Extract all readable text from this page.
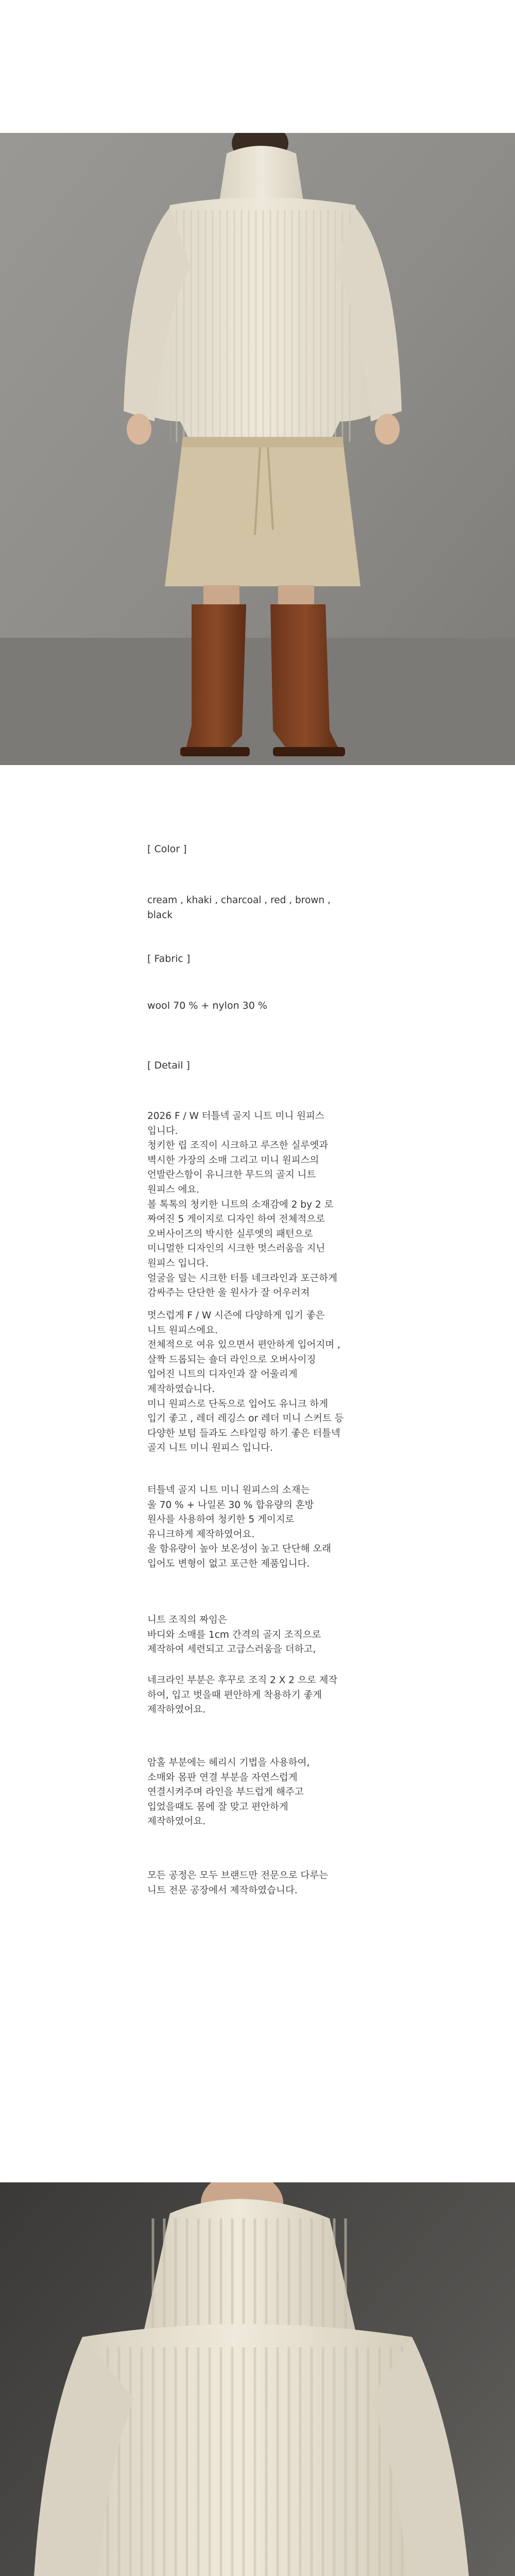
[ Color ]
cream , khaki , charcoal , red , brown ,
black
[ Fabric ]
wool 70 % + nylon 30 %
[ Detail ]
2026 F / W 터틀넥 골지 니트 미니 원피스
입니다.
청키한 립 조직이 시크하고 루즈한 실루엣과
벽시한 가장의 소매 그리고 미니 원피스의
언발란스함이 유니크한 무드의 골지 니트
원피스 에요.
볼 톡톡의 청키한 니트의 소재감에 2 by 2 로
짜여진 5 게이지로 디자인 하여 전체적으로
오버사이즈의 박시한 실루엣의 패턴으로
미니멀한 디자인의 시크한 멋스러움을 지닌
원피스 입니다.
얼굴을 덮는 시크한 터틀 네크라인과 포근하게
감싸주는 단단한 울 원사가 잘 어우러져
멋스럽게 F / W 시즌에 다양하게 입기 좋은
니트 원피스에요.
전체적으로 여유 있으면서 편안하게 입어지며 ,
살짝 드롭되는 숄더 라인으로 오버사이징
입어진 니트의 디자인과 잘 어울리게
제작하였습니다.
미니 원피스로 단독으로 입어도 유니크 하게
입기 좋고 , 레더 레깅스 or 레더 미니 스커트 등
다양한 보텀 들과도 스타일링 하기 좋은 터틀넥
골지 니트 미니 원피스 입니다.
터틀넥 골지 니트 미니 원피스의 소재는
울 70 % + 나일론 30 % 합유량의 혼방
원사를 사용하여 청키한 5 게이지로
유니크하게 제작하였어요.
울 함유량이 높아 보온성이 높고 단단해 오래
입어도 변형이 없고 포근한 제품입니다.
니트 조직의 짜임은
바디와 소매를 1cm 간격의 골지 조직으로
제작하여 세련되고 고급스러움을 더하고,
네크라인 부분은 후꾸로 조직 2 X 2 으로 제작
하여, 입고 벗을때 편안하게 착용하기 좋게
제작하였어요.
암홀 부분에는 헤리시 기법을 사용하여,
소매와 몸판 연결 부분을 자연스럽게
연결시켜주며 라인을 부드럽게 해주고
입었을때도 몸에 잘 맞고 편안하게
제작하였어요.
모든 공정은 모두 브랜드만 전문으로 다루는
니트 전문 공장에서 제작하였습니다.
